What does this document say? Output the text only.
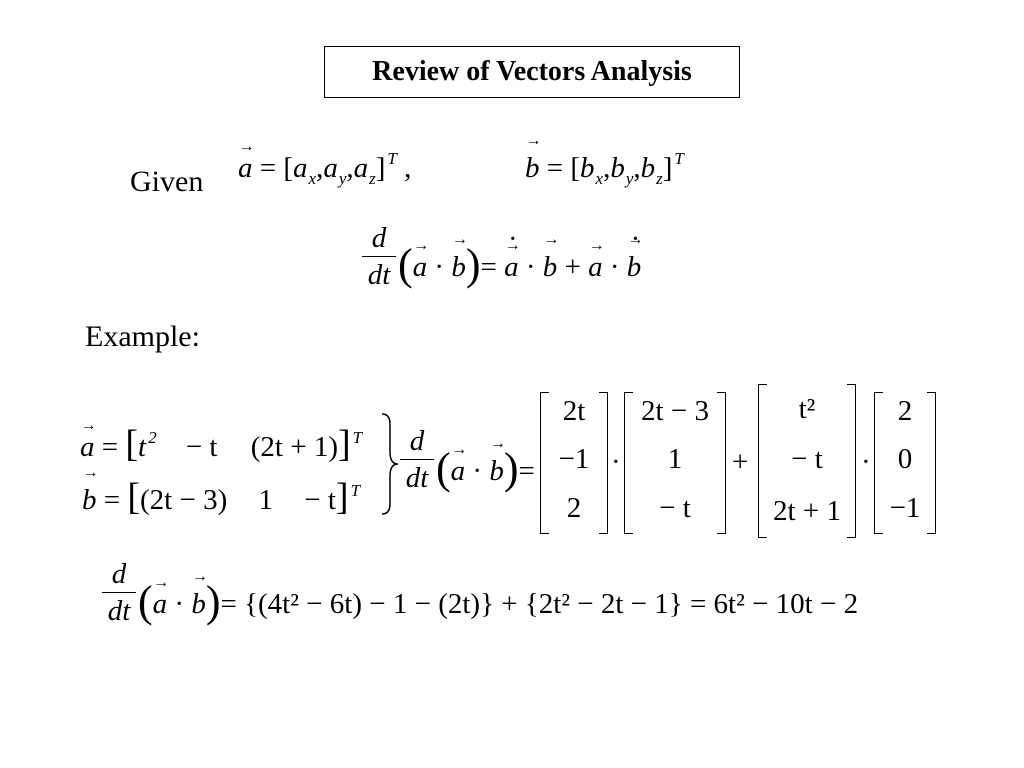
Review of Vectors Analysis
Given a → = $[a_x,a_y,a_z]$ $^T$ ,	b → = $[b_x,b_y,b_z]$ $^T$
d
dt (a → · b →)= · a → · b → + a → · · b →
Example:
a → = [t $^2$ − t (2t + 1)] $^T$
b → = [(2t − 3) 1 − t] $^T$
d
dt (a → · b →)=
2t
−1
2
·
2t − 3
1
− t
+
t²
− t
2t + 1
·
2
0
−1
d
dt (a → · b →)= {(4t² − 6t) − 1 − (2t)} + {2t² − 2t − 1} = 6t² − 10t − 2
